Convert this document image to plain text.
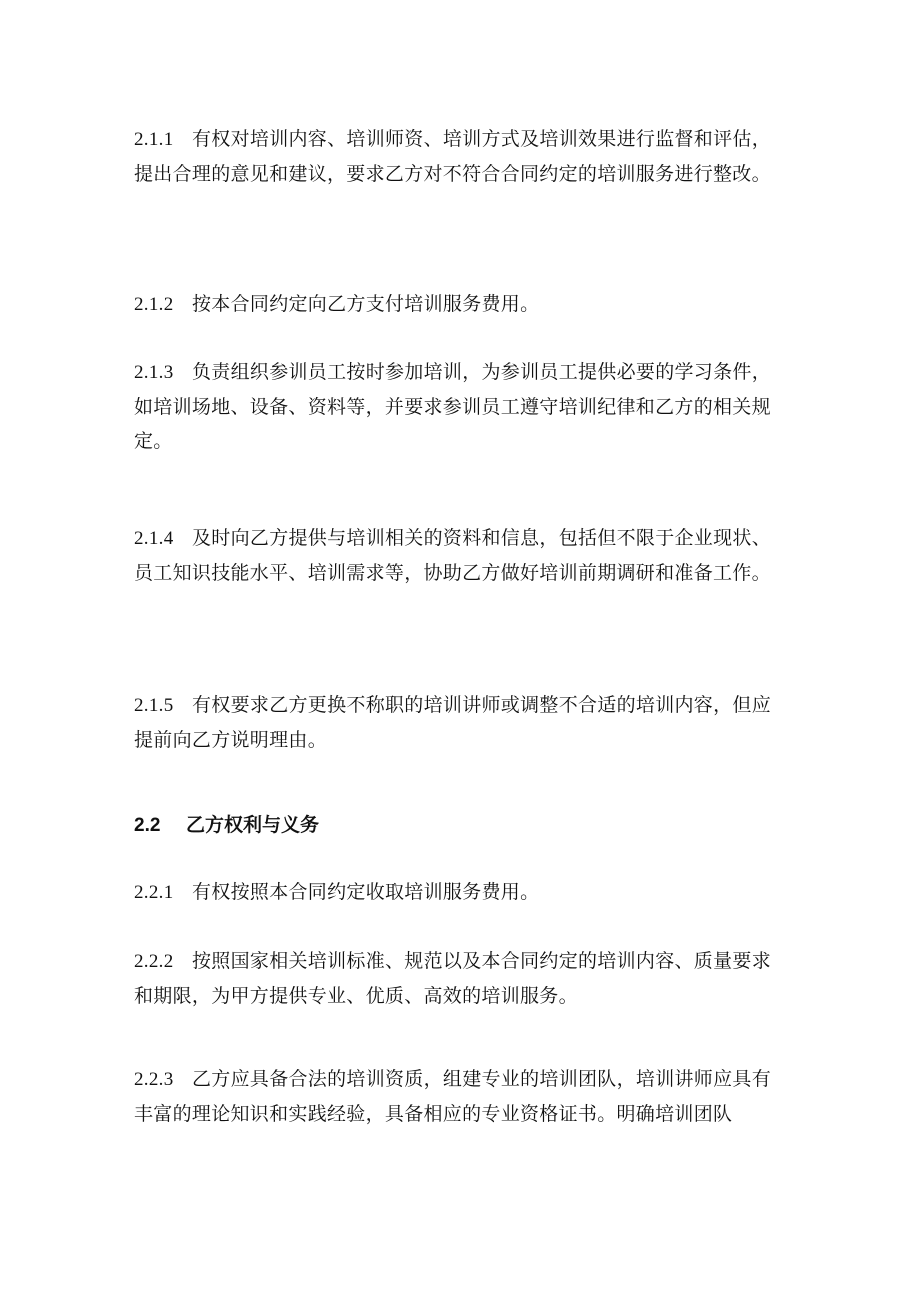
2.1.1 有权对培训内容、培训师资、培训方式及培训效果进行监督和评估，提出合理的意见和建议，要求乙方对不符合合同约定的培训服务进行整改。

2.1.2 按本合同约定向乙方支付培训服务费用。

2.1.3 负责组织参训员工按时参加培训，为参训员工提供必要的学习条件，如培训场地、设备、资料等，并要求参训员工遵守培训纪律和乙方的相关规定。

2.1.4 及时向乙方提供与培训相关的资料和信息，包括但不限于企业现状、员工知识技能水平、培训需求等，协助乙方做好培训前期调研和准备工作。

2.1.5 有权要求乙方更换不称职的培训讲师或调整不合适的培训内容，但应提前向乙方说明理由。

2.2 乙方权利与义务

2.2.1 有权按照本合同约定收取培训服务费用。

2.2.2 按照国家相关培训标准、规范以及本合同约定的培训内容、质量要求和期限，为甲方提供专业、优质、高效的培训服务。

2.2.3 乙方应具备合法的培训资质，组建专业的培训团队，培训讲师应具有丰富的理论知识和实践经验，具备相应的专业资格证书。明确培训团队
